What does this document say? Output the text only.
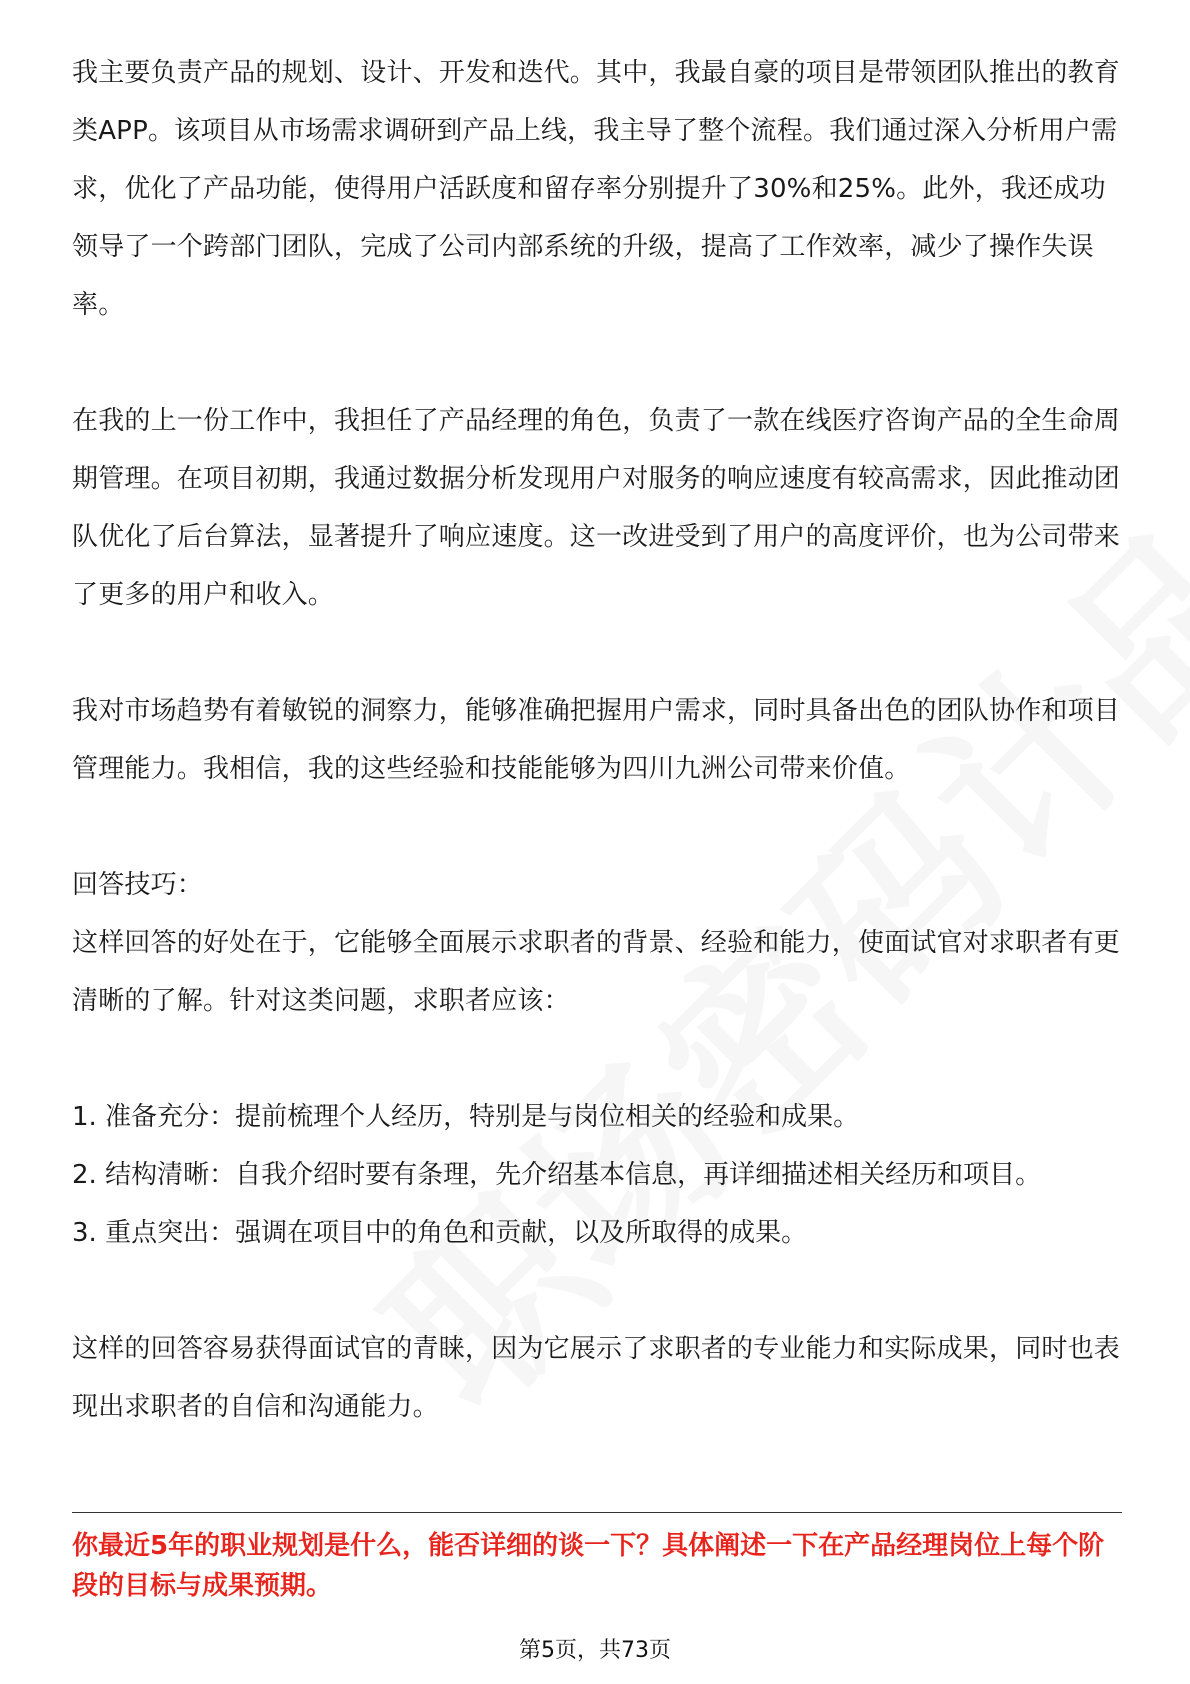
我主要负责产品的规划、设计、开发和迭代。其中，我最自豪的项目是带领团队推出的教育类APP。该项目从市场需求调研到产品上线，我主导了整个流程。我们通过深入分析用户需求，优化了产品功能，使得用户活跃度和留存率分别提升了30%和25%。此外，我还成功领导了一个跨部门团队，完成了公司内部系统的升级，提高了工作效率，减少了操作失误率。

在我的上一份工作中，我担任了产品经理的角色，负责了一款在线医疗咨询产品的全生命周期管理。在项目初期，我通过数据分析发现用户对服务的响应速度有较高需求，因此推动团队优化了后台算法，显著提升了响应速度。这一改进受到了用户的高度评价，也为公司带来了更多的用户和收入。

我对市场趋势有着敏锐的洞察力，能够准确把握用户需求，同时具备出色的团队协作和项目管理能力。我相信，我的这些经验和技能能够为四川九洲公司带来价值。

回答技巧：

这样回答的好处在于，它能够全面展示求职者的背景、经验和能力，使面试官对求职者有更清晰的了解。针对这类问题，求职者应该：

1. 准备充分：提前梳理个人经历，特别是与岗位相关的经验和成果。

2. 结构清晰：自我介绍时要有条理，先介绍基本信息，再详细描述相关经历和项目。

3. 重点突出：强调在项目中的角色和贡献，以及所取得的成果。

这样的回答容易获得面试官的青睐，因为它展示了求职者的专业能力和实际成果，同时也表现出求职者的自信和沟通能力。

你最近5年的职业规划是什么，能否详细的谈一下？具体阐述一下在产品经理岗位上每个阶段的目标与成果预期。

第5页，共73页
